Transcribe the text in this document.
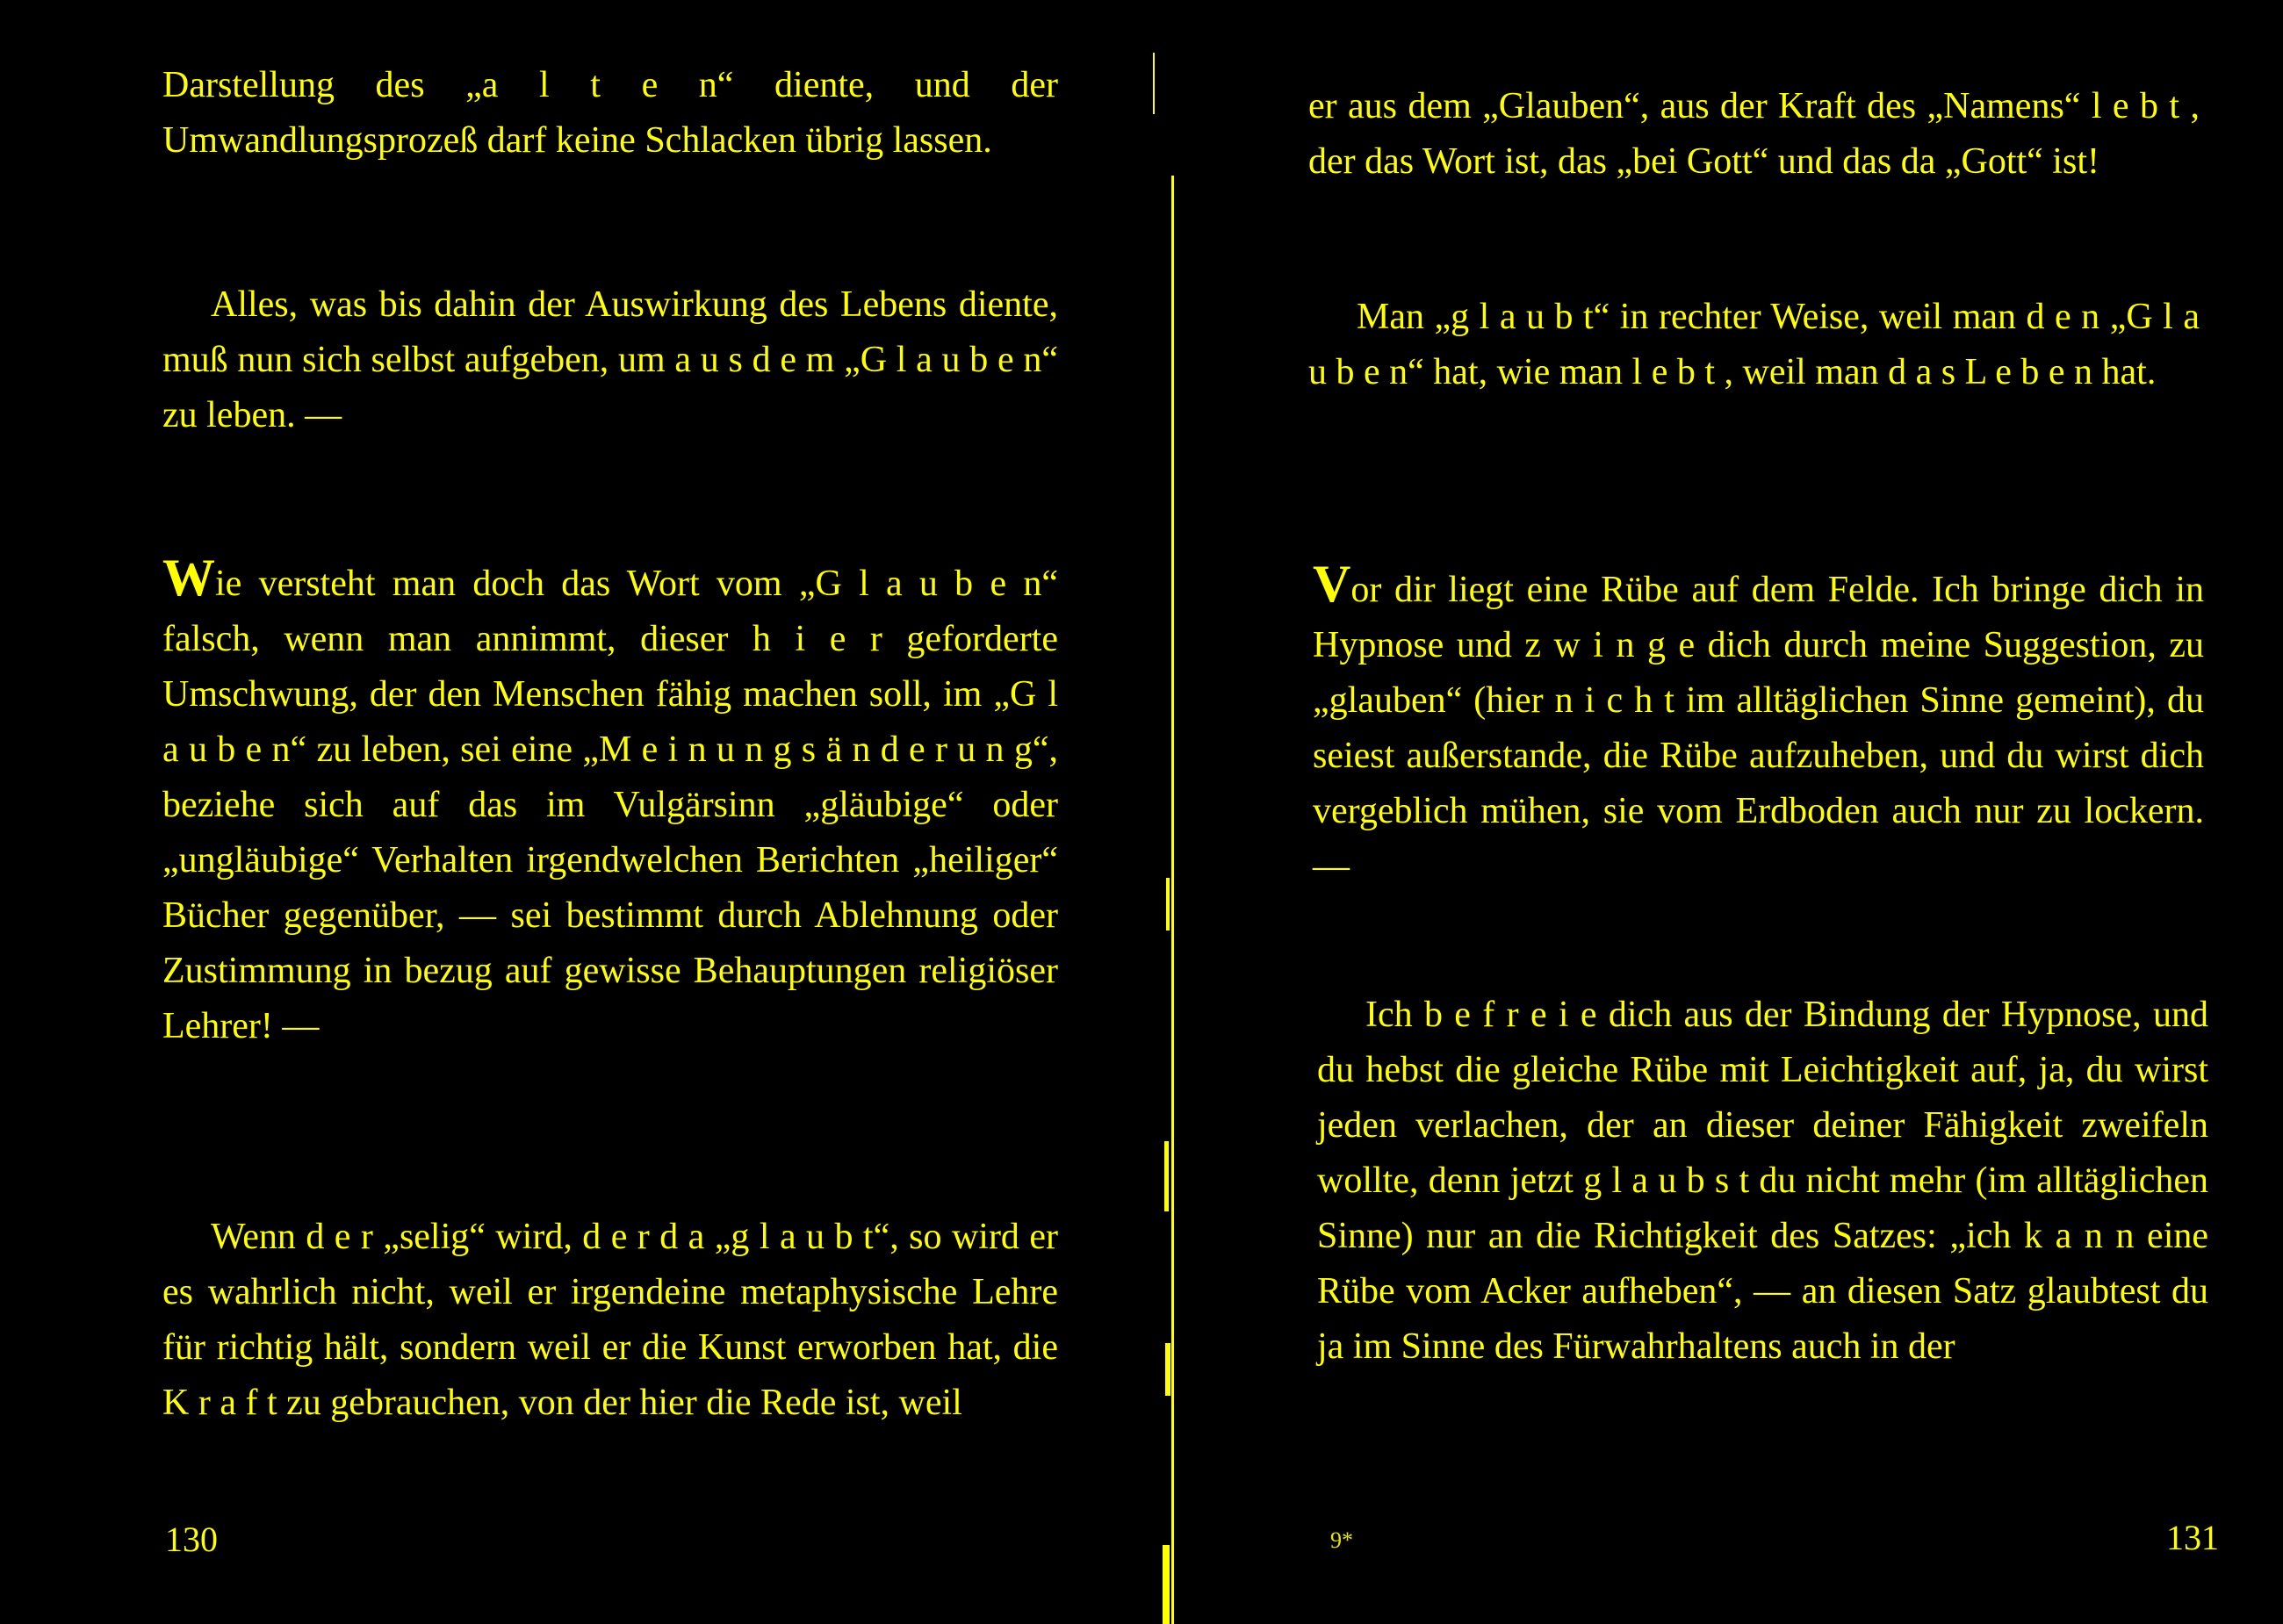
Darstellung des „a l t e n“ diente, und der Umwandlungsprozeß darf keine Schlacken übrig lassen.

Alles, was bis dahin der Auswirkung des Lebens diente, muß nun sich selbst aufgeben, um a u s d e m „G l a u b e n“ zu leben. —

Wie versteht man doch das Wort vom „G l a u b e n“ falsch, wenn man annimmt, dieser h i e r geforderte Umschwung, der den Menschen fähig machen soll, im „G l a u b e n“ zu leben, sei eine „M e i n u n g s ä n d e r u n g“, beziehe sich auf das im Vulgärsinn „gläubige“ oder „ungläubige“ Verhalten irgendwelchen Berichten „heiliger“ Bücher gegenüber, — sei bestimmt durch Ablehnung oder Zustimmung in bezug auf gewisse Behauptungen religiöser Lehrer! —

Wenn d e r „selig“ wird, d e r d a „g l a u b t“, so wird er es wahrlich nicht, weil er irgendeine metaphysische Lehre für richtig hält, sondern weil er die Kunst erworben hat, die K r a f t zu gebrauchen, von der hier die Rede ist, weil

130

er aus dem „Glauben“, aus der Kraft des „Namens“ l e b t , der das Wort ist, das „bei Gott“ und das da „Gott“ ist!

Man „g l a u b t“ in rechter Weise, weil man d e n „G l a u b e n“ hat, wie man l e b t , weil man d a s L e b e n hat.

Vor dir liegt eine Rübe auf dem Felde. Ich bringe dich in Hypnose und z w i n g e dich durch meine Suggestion, zu „glauben“ (hier n i c h t im alltäglichen Sinne gemeint), du seiest außerstande, die Rübe aufzuheben, und du wirst dich vergeblich mühen, sie vom Erdboden auch nur zu lockern. —

Ich b e f r e i e dich aus der Bindung der Hypnose, und du hebst die gleiche Rübe mit Leichtigkeit auf, ja, du wirst jeden verlachen, der an dieser deiner Fähigkeit zweifeln wollte, denn jetzt g l a u b s t du nicht mehr (im alltäglichen Sinne) nur an die Richtigkeit des Satzes: „ich k a n n eine Rübe vom Acker aufheben“, — an diesen Satz glaubtest du ja im Sinne des Fürwahrhaltens auch in der

9*	131
